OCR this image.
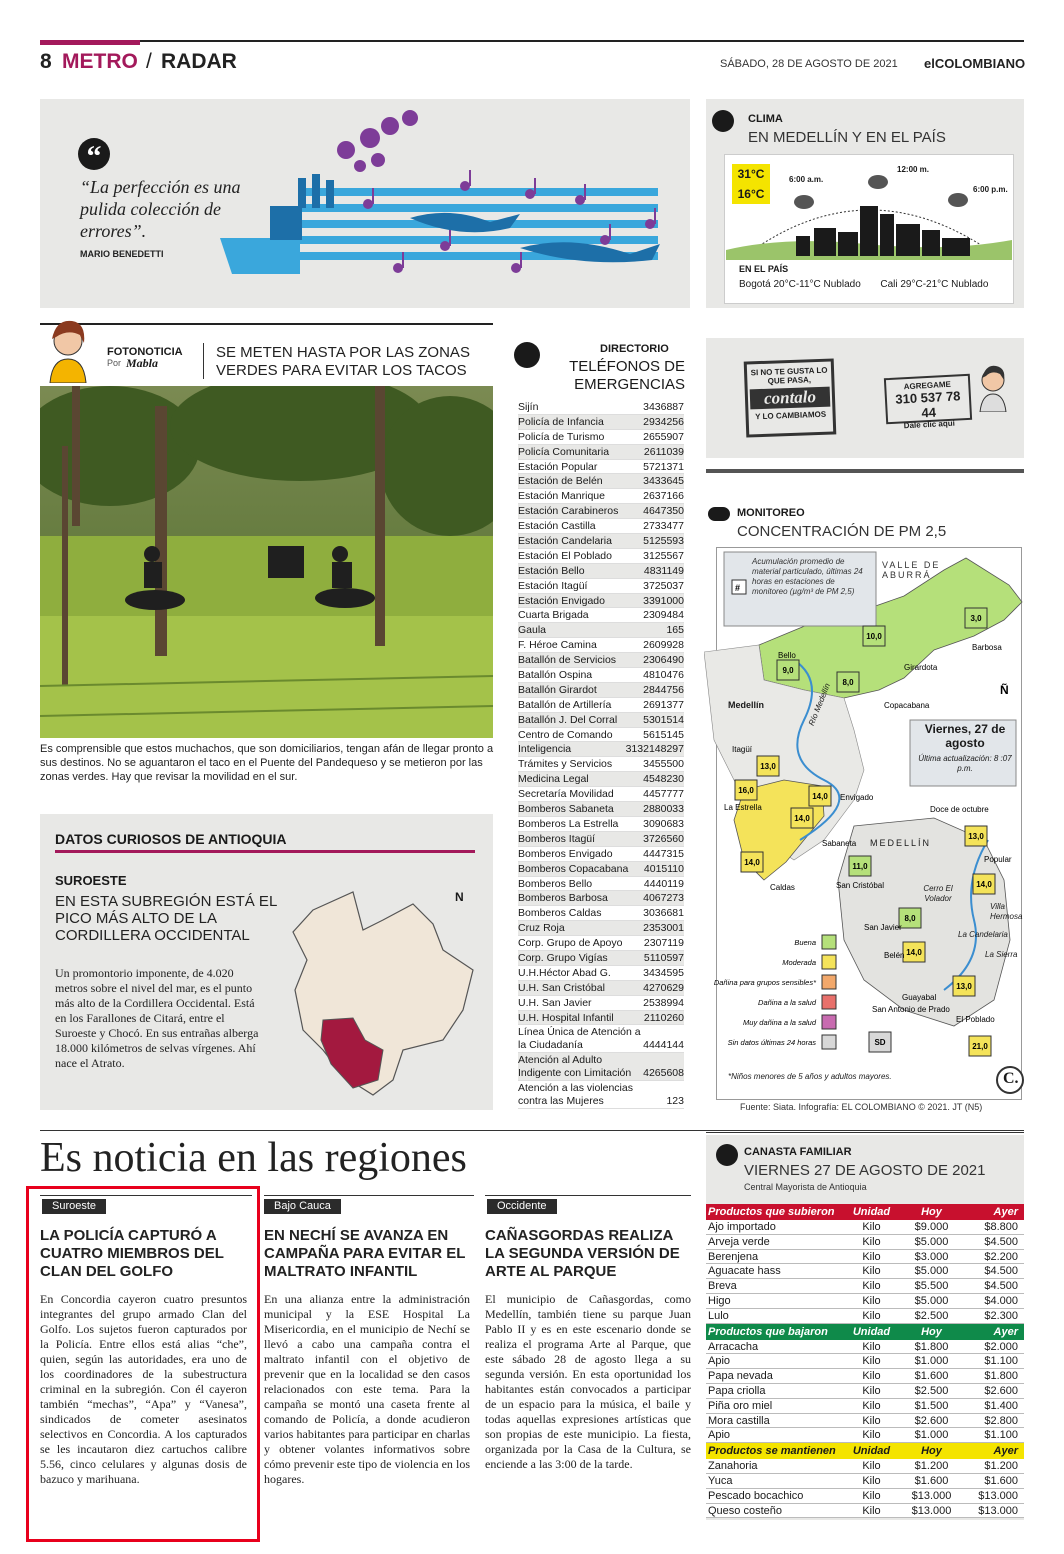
8 METRO / RADAR	SÁBADO, 28 DE AGOSTO DE 2021 elCOLOMBIANO
“
“La perfección es una pulida colección de errores”.
MARIO BENEDETTI
CLIMA
EN MEDELLÍN Y EN EL PAÍS
31°C
16°C
6:00 a.m.
12:00 m.
6:00 p.m.
EN EL PAÍS
Bogotá 20°C-11°C Nublado Cali 29°C-21°C Nublado
FOTONOTICIA
Por Mabla
SE METEN HASTA POR LAS ZONAS VERDES PARA EVITAR LOS TACOS
Es comprensible que estos muchachos, que son domiciliarios, tengan afán de llegar pronto a sus destinos. No se aguantaron el taco en el Puente del Pandequeso y se metieron por las zonas verdes. Hay que revisar la movilidad en el sur.
DATOS CURIOSOS DE ANTIOQUIA
SUROESTE
EN ESTA SUBREGIÓN ESTÁ EL PICO MÁS ALTO DE LA CORDILLERA OCCIDENTAL
Un promontorio imponente, de 4.020 metros sobre el nivel del mar, es el punto más alto de la Cordillera Occidental. Está en los Farallones de Citará, entre el Suroeste y Chocó. En sus entrañas alberga 18.000 kilómetros de selvas vírgenes. Ahí nace el Atrato.
N
DIRECTORIO
TELÉFONOS DE EMERGENCIAS
Sijín	3436887
Policía de Infancia	2934256
Policía de Turismo	2655907
Policía Comunitaria	2611039
Estación Popular	5721371
Estación de Belén	3433645
Estación Manrique	2637166
Estación Carabineros 4647350
Estación Castilla	2733477
Estación Candelaria	5125593
Estación El Poblado	3125567
Estación Bello	4831149
Estación Itagüí	3725037
Estación Envigado	3391000
Cuarta Brigada	2309484
Gaula	165
F. Héroe Camina	2609928
Batallón de Servicios	2306490
Batallón Ospina	4810476
Batallón Girardot	2844756
Batallón de Artillería	2691377
Batallón J. Del Corral 5301514
Centro de Comando	5615145
Inteligencia	3132148297
Trámites y Servicios	3455500
Medicina Legal	4548230
Secretaría Movilidad	4457777
Bomberos Sabaneta	2880033
Bomberos La Estrella 3090683
Bomberos Itagüí	3726560
Bomberos Envigado	4447315
Bomberos Copacabana 4015110
Bomberos Bello	4440119
Bomberos Barbosa	4067273
Bomberos Caldas	3036681
Cruz Roja	2353001
Corp. Grupo de Apoyo 2307119
Corp. Grupo Vigías	5110597
U.H.Héctor Abad G.	3434595
U.H. San Cristóbal	4270629
U.H. San Javier	2538994
U.H. Hospital Infantil	2110260
Línea Única de Atención a la Ciudadanía	4444144
Atención al Adulto Indigente con Limitación	4265608
Atención a las violencias contra las Mujeres	123
SI NO TE GUSTA LO QUE PASA,
contalo
Y LO CAMBIAMOS
AGREGAME
310 537 78 44
Dale clic aquí
MONITOREO
CONCENTRACIÓN DE PM 2,5
#
3,0
Barbosa
10,0
Girardota
9,0
Bello
8,0
Copacabana
13,0
Itagüí
16,0
La Estrella
14,0 Envigado
14,0
Sabaneta
14,0
Caldas
13,0
Doce de octubre
14,0
Popular
11,0
San Cristóbal
8,0
San Javier
14,0
Belén
13,0
Guayabal
21,0
El Poblado
SD
San Antonio de Prado
Buena
Moderada
Dañina para grupos sensibles*
Dañina a la salud
Muy dañina a la salud
Sin datos últimas 24 horas
Ñ
Acumulación promedio de material particulado, últimas 24 horas en estaciones de monitoreo (µg/m³ de PM 2,5)
VALLE DE ABURRÁ
Viernes, 27 de agosto
Última actualización: 8 :07 p.m.
Río Medellín
Medellín
MEDELLÍN
Cerro El Volador
Villa Hermosa
La Candelaria
La Sierra
*Niños menores de 5 años y adultos mayores.	C.
Fuente: Siata. Infografía: EL COLOMBIANO © 2021. JT (N5)
Es noticia en las regiones
Suroeste
LA POLICÍA CAPTURÓ A CUATRO MIEMBROS DEL CLAN DEL GOLFO
En Concordia cayeron cuatro presuntos integrantes del grupo armado Clan del Golfo. Los sujetos fueron capturados por la Policía. Entre ellos está alias “che”, quien, según las autoridades, era uno de los coordinadores de la subestructura criminal en la subregión. Con él cayeron también “mechas”, “Apa” y “Vanesa”, sindicados de cometer asesinatos selectivos en Concordia. A los capturados se les incautaron diez cartuchos calibre 5.56, cinco celulares y algunas dosis de bazuco y marihuana.
Bajo Cauca
EN NECHÍ SE AVANZA EN CAMPAÑA PARA EVITAR EL MALTRATO INFANTIL
En una alianza entre la administración municipal y la ESE Hospital La Misericordia, en el municipio de Nechí se llevó a cabo una campaña contra el maltrato infantil con el objetivo de prevenir que en la localidad se den casos relacionados con este tema. Para la campaña se montó una caseta frente al comando de Policía, a donde acudieron varios habitantes para participar en charlas y obtener volantes informativos sobre cómo prevenir este tipo de violencia en los hogares.
Occidente
CAÑASGORDAS REALIZA LA SEGUNDA VERSIÓN DE ARTE AL PARQUE
El municipio de Cañasgordas, como Medellín, también tiene su parque Juan Pablo II y es en este escenario donde se realiza el programa Arte al Parque, que este sábado 28 de agosto llega a su segunda versión. En esta oportunidad los habitantes están convocados a participar de un espacio para la música, el baile y todas aquellas expresiones artísticas que son propias de este municipio. La fiesta, organizada por la Casa de la Cultura, se enciende a las 3:00 de la tarde.
CANASTA FAMILIAR
VIERNES 27 DE AGOSTO DE 2021
Central Mayorista de Antioquia
Productos que subieron	Unidad	Hoy	Ayer
Ajo importado	Kilo	$9.000	$8.800
Arveja verde	Kilo	$5.000	$4.500
Berenjena	Kilo	$3.000	$2.200
Aguacate hass	Kilo	$5.000	$4.500
Breva	Kilo	$5.500	$4.500
Higo	Kilo	$5.000	$4.000
Lulo	Kilo	$2.500	$2.300
Productos que bajaron	Unidad	Hoy	Ayer
Arracacha	Kilo	$1.800	$2.000
Apio	Kilo	$1.000	$1.100
Papa nevada	Kilo	$1.600	$1.800
Papa criolla	Kilo	$2.500	$2.600
Piña oro miel	Kilo	$1.500	$1.400
Mora castilla	Kilo	$2.600	$2.800
Apio	Kilo	$1.000	$1.100
Productos se mantienen	Unidad	Hoy	Ayer
Zanahoria	Kilo	$1.200	$1.200
Yuca	Kilo	$1.600	$1.600
Pescado bocachico	Kilo	$13.000	$13.000
Queso costeño	Kilo	$13.000	$13.000
